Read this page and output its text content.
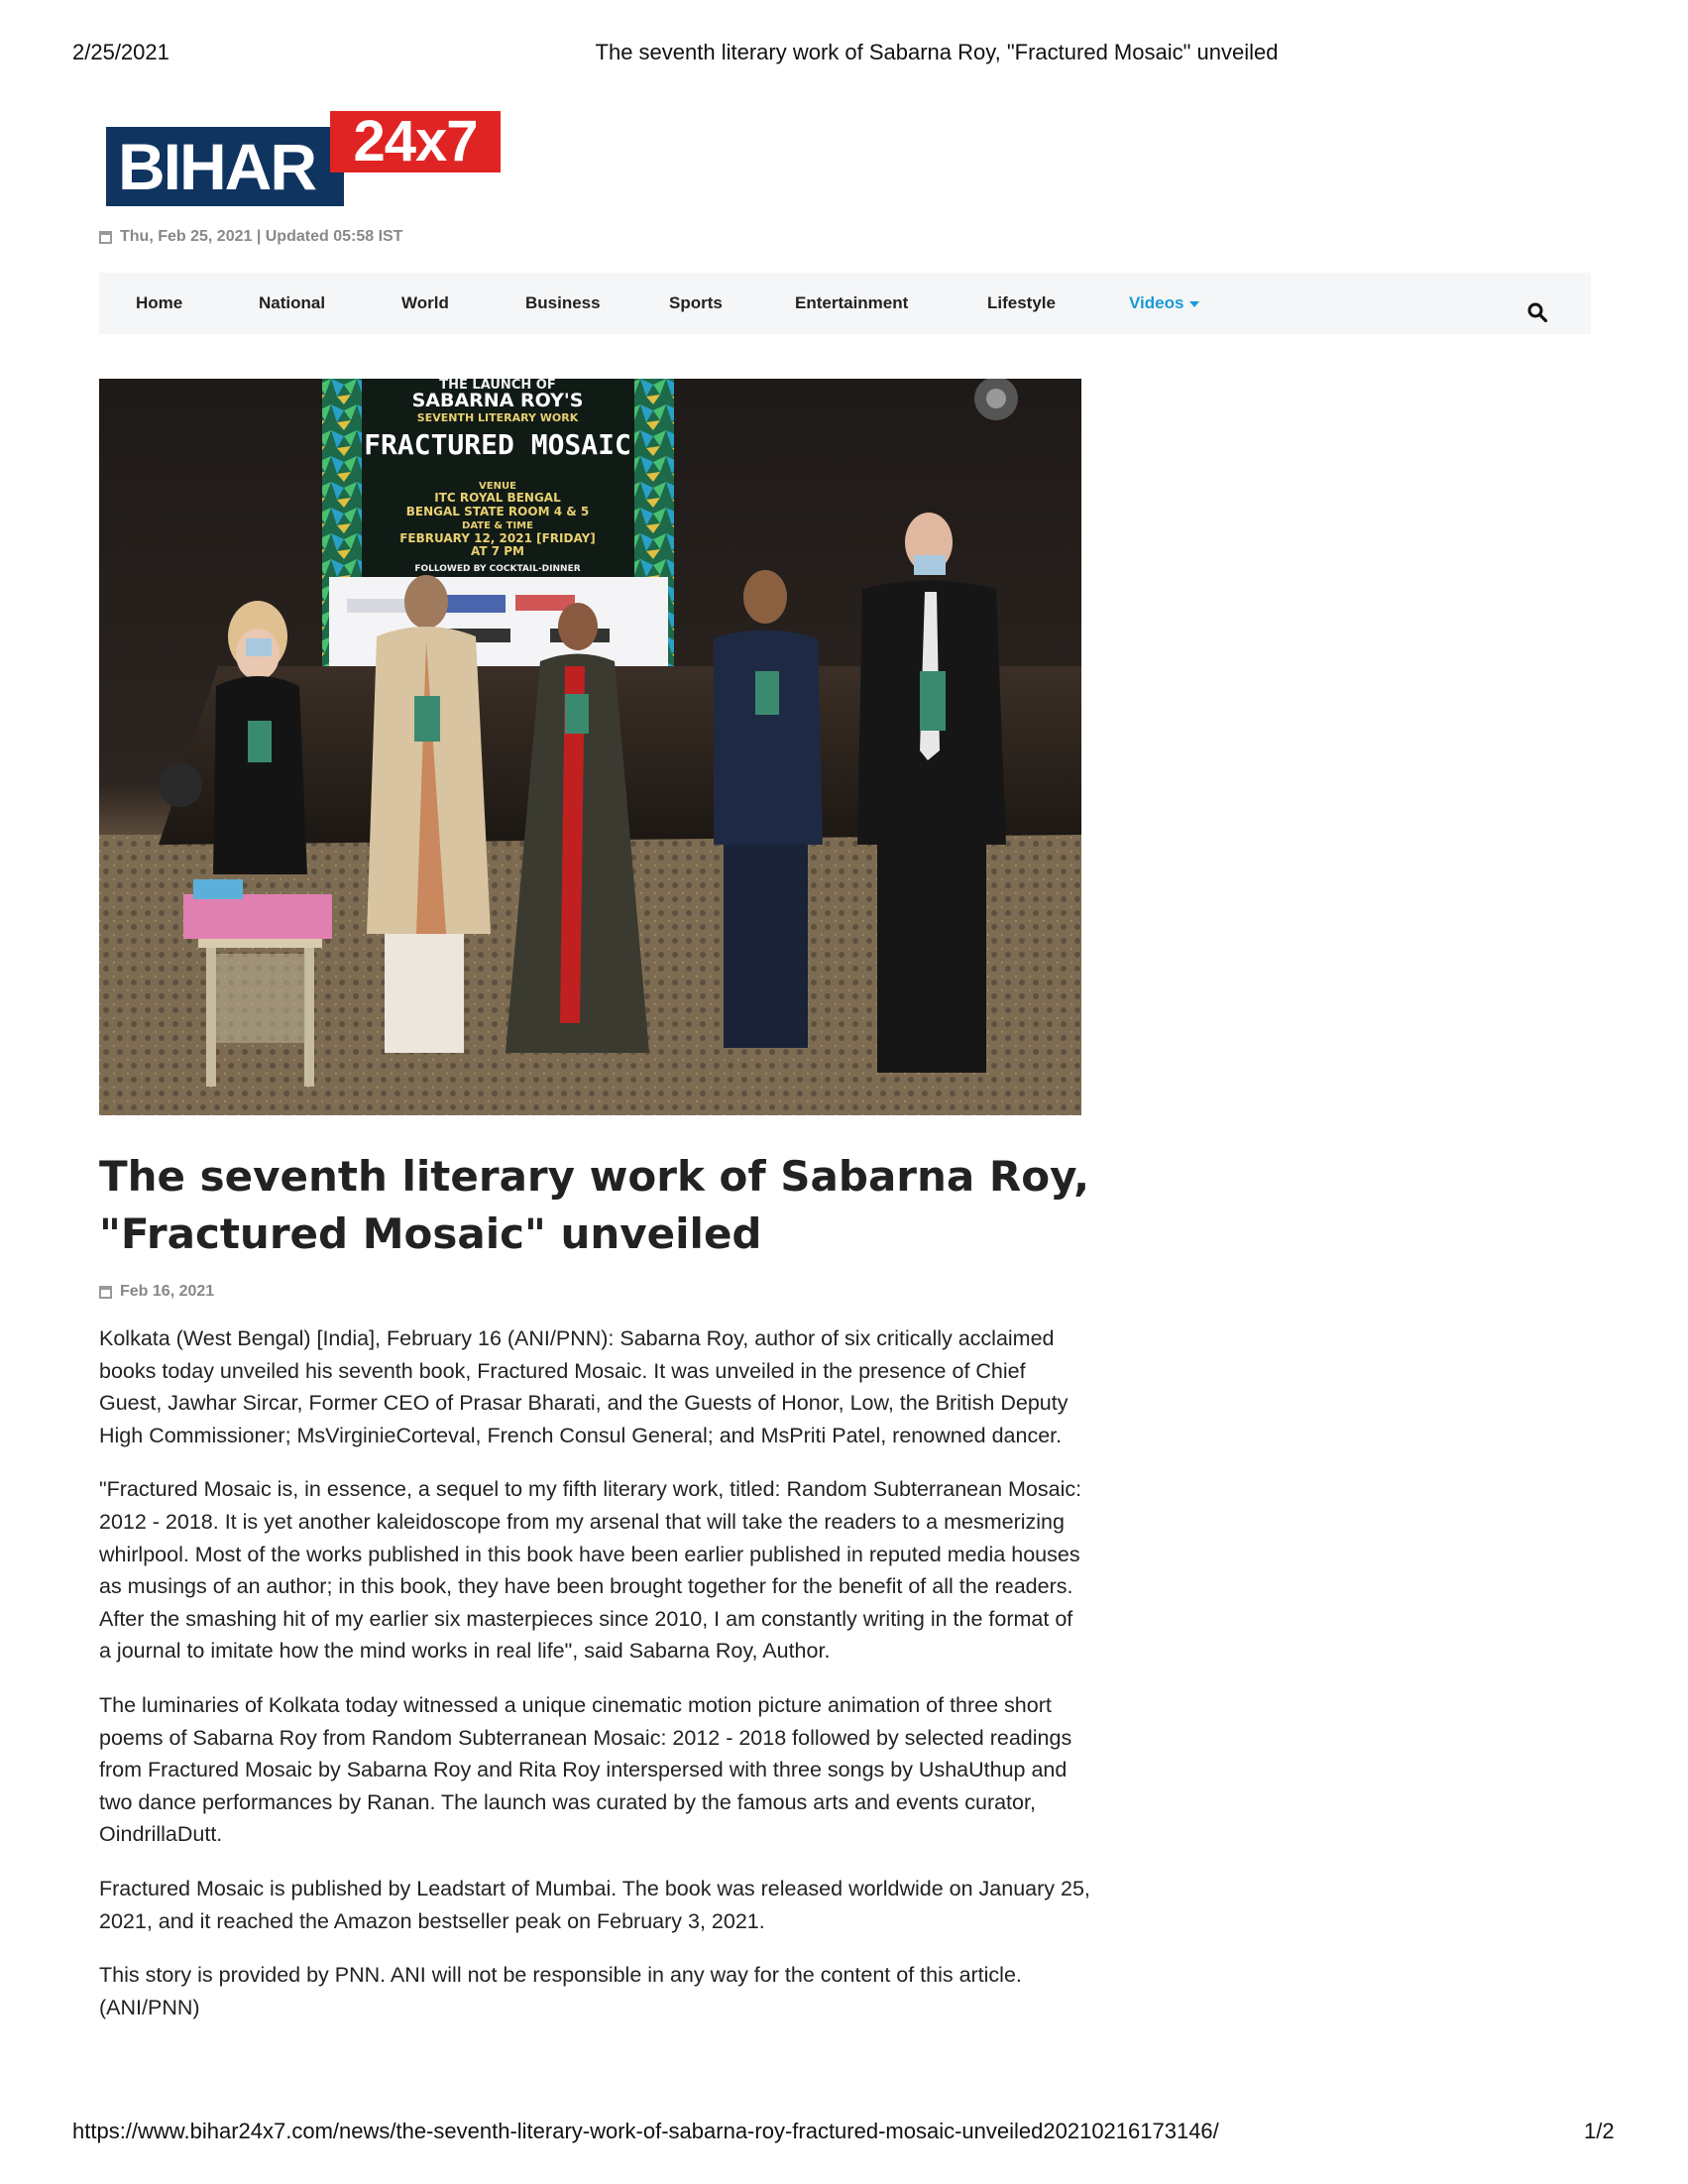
2/25/2021	The seventh literary work of Sabarna Roy, "Fractured Mosaic" unveiled
BIHAR 24x7
Thu, Feb 25, 2021 | Updated 05:58 IST
Home	National	World	Business	Sports	Entertainment	Lifestyle	Videos
THE LAUNCH OF
SABARNA ROY'S
SEVENTH LITERARY WORK
FRACTURED MOSAIC
VENUE
ITC ROYAL BENGAL
BENGAL STATE ROOM 4 & 5
DATE & TIME
FEBRUARY 12, 2021 [FRIDAY]
AT 7 PM
FOLLOWED BY COCKTAIL-DINNER
The seventh literary work of Sabarna Roy, "Fractured Mosaic" unveiled
Feb 16, 2021

Kolkata (West Bengal) [India], February 16 (ANI/PNN): Sabarna Roy, author of six critically acclaimed books today unveiled his seventh book, Fractured Mosaic. It was unveiled in the presence of Chief Guest, Jawhar Sircar, Former CEO of Prasar Bharati, and the Guests of Honor, Low, the British Deputy High Commissioner; MsVirginieCorteval, French Consul General; and MsPriti Patel, renowned dancer.

"Fractured Mosaic is, in essence, a sequel to my fifth literary work, titled: Random Subterranean Mosaic: 2012 - 2018. It is yet another kaleidoscope from my arsenal that will take the readers to a mesmerizing whirlpool. Most of the works published in this book have been earlier published in reputed media houses as musings of an author; in this book, they have been brought together for the benefit of all the readers. After the smashing hit of my earlier six masterpieces since 2010, I am constantly writing in the format of a journal to imitate how the mind works in real life", said Sabarna Roy, Author.

The luminaries of Kolkata today witnessed a unique cinematic motion picture animation of three short poems of Sabarna Roy from Random Subterranean Mosaic: 2012 - 2018 followed by selected readings from Fractured Mosaic by Sabarna Roy and Rita Roy interspersed with three songs by UshaUthup and two dance performances by Ranan. The launch was curated by the famous arts and events curator, OindrillaDutt.

Fractured Mosaic is published by Leadstart of Mumbai. The book was released worldwide on January 25, 2021, and it reached the Amazon bestseller peak on February 3, 2021.

This story is provided by PNN. ANI will not be responsible in any way for the content of this article. (ANI/PNN)

https://www.bihar24x7.com/news/the-seventh-literary-work-of-sabarna-roy-fractured-mosaic-unveiled20210216173146/	1/2
